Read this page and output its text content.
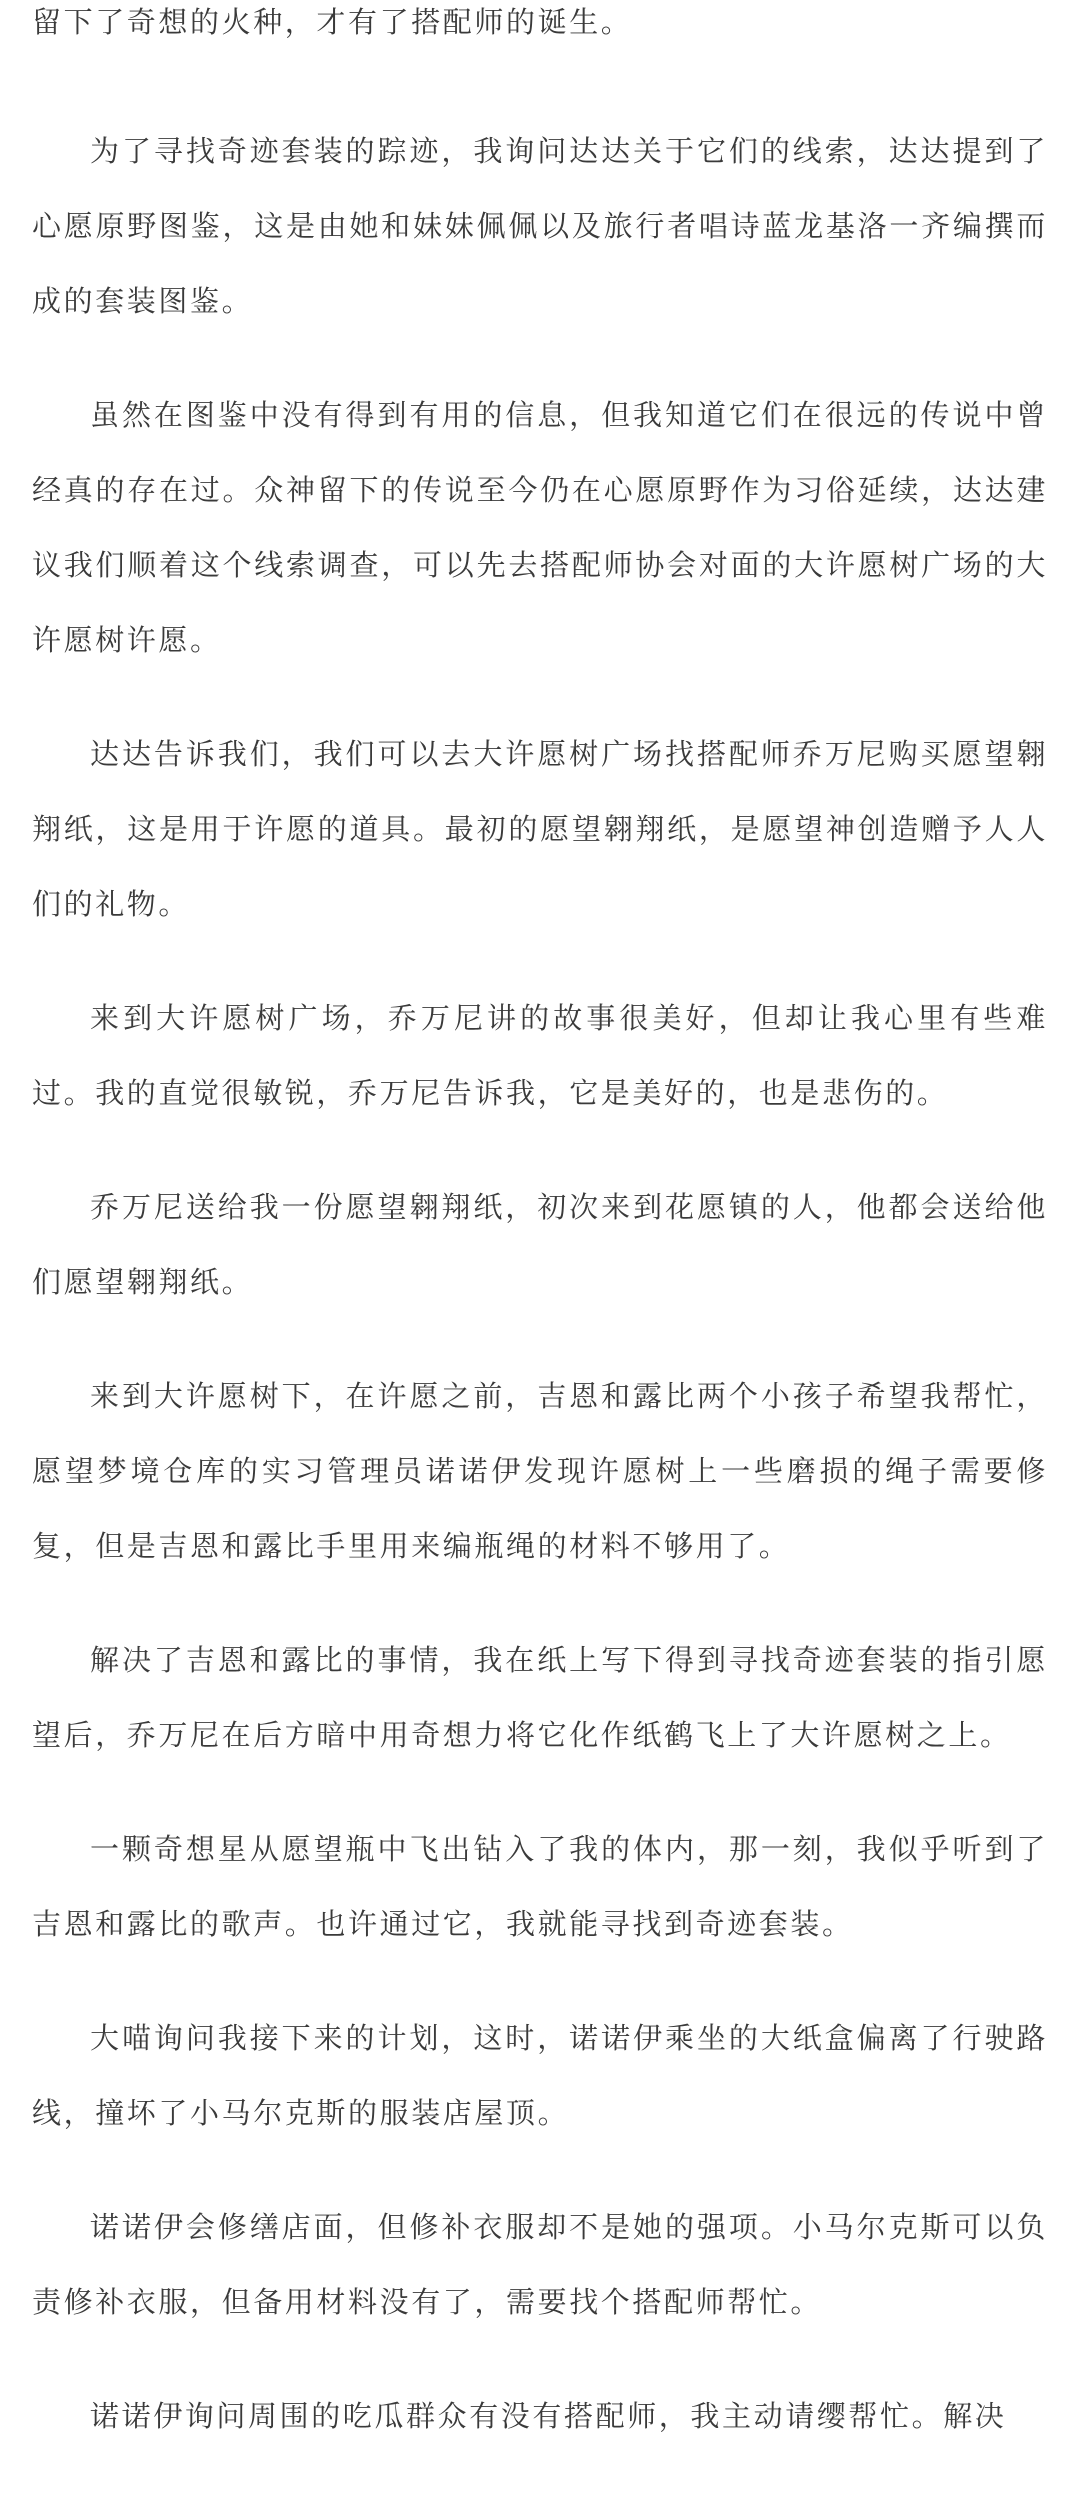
留下了奇想的火种，才有了搭配师的诞生。

为了寻找奇迹套装的踪迹，我询问达达关于它们的线索，达达提到了心愿原野图鉴，这是由她和妹妹佩佩以及旅行者唱诗蓝龙基洛一齐编撰而成的套装图鉴。

虽然在图鉴中没有得到有用的信息，但我知道它们在很远的传说中曾经真的存在过。众神留下的传说至今仍在心愿原野作为习俗延续，达达建议我们顺着这个线索调查，可以先去搭配师协会对面的大许愿树广场的大许愿树许愿。

达达告诉我们，我们可以去大许愿树广场找搭配师乔万尼购买愿望翱翔纸，这是用于许愿的道具。最初的愿望翱翔纸，是愿望神创造赠予人人们的礼物。

来到大许愿树广场，乔万尼讲的故事很美好，但却让我心里有些难过。我的直觉很敏锐，乔万尼告诉我，它是美好的，也是悲伤的。

乔万尼送给我一份愿望翱翔纸，初次来到花愿镇的人，他都会送给他们愿望翱翔纸。

来到大许愿树下，在许愿之前，吉恩和露比两个小孩子希望我帮忙，愿望梦境仓库的实习管理员诺诺伊发现许愿树上一些磨损的绳子需要修复，但是吉恩和露比手里用来编瓶绳的材料不够用了。

解决了吉恩和露比的事情，我在纸上写下得到寻找奇迹套装的指引愿望后，乔万尼在后方暗中用奇想力将它化作纸鹤飞上了大许愿树之上。

一颗奇想星从愿望瓶中飞出钻入了我的体内，那一刻，我似乎听到了吉恩和露比的歌声。也许通过它，我就能寻找到奇迹套装。

大喵询问我接下来的计划，这时，诺诺伊乘坐的大纸盒偏离了行驶路线，撞坏了小马尔克斯的服装店屋顶。

诺诺伊会修缮店面，但修补衣服却不是她的强项。小马尔克斯可以负责修补衣服，但备用材料没有了，需要找个搭配师帮忙。

诺诺伊询问周围的吃瓜群众有没有搭配师，我主动请缨帮忙。解决
